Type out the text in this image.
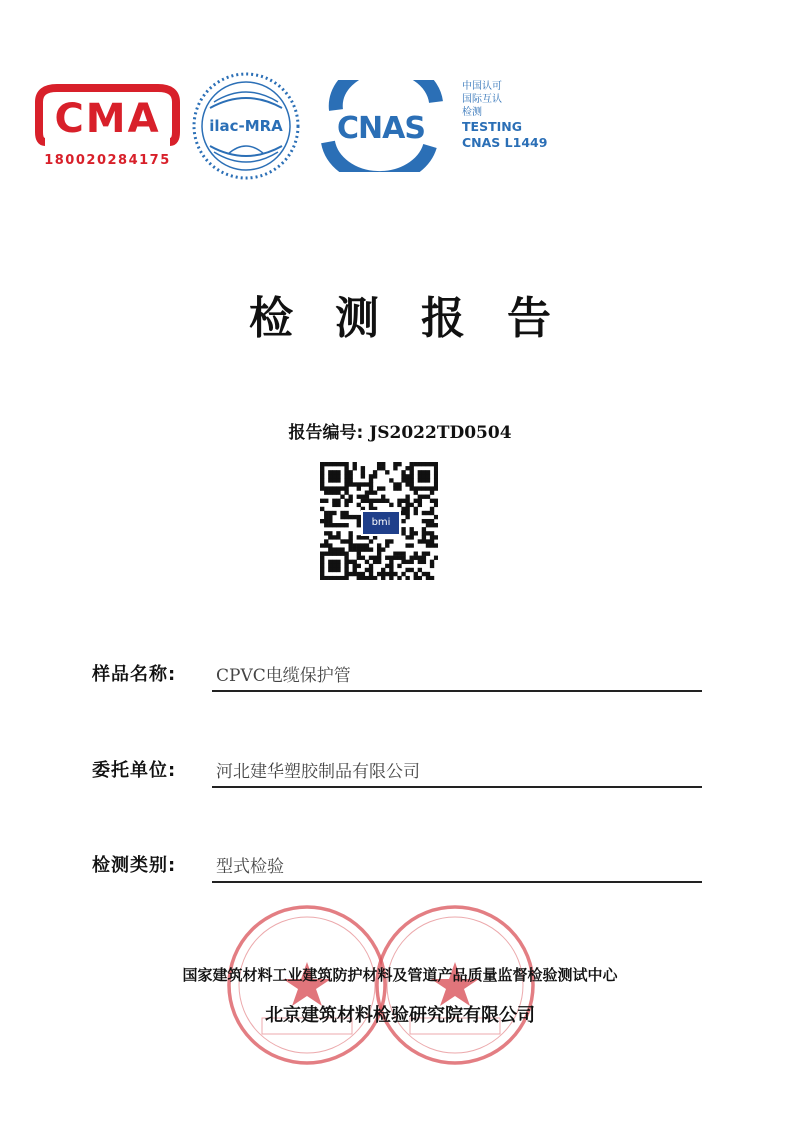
CMA
180020284175
ilac-MRA CNAS
中国认可
国际互认
检测
TESTING
CNAS L1449
检测报告
报告编号: JS2022TD0504
bmi
样品名称: CPVC电缆保护管
委托单位: 河北建华塑胶制品有限公司
检测类别: 型式检验
国家建筑材料工业建筑防护材料及管道产品质量监督检验测试中心
北京建筑材料检验研究院有限公司
